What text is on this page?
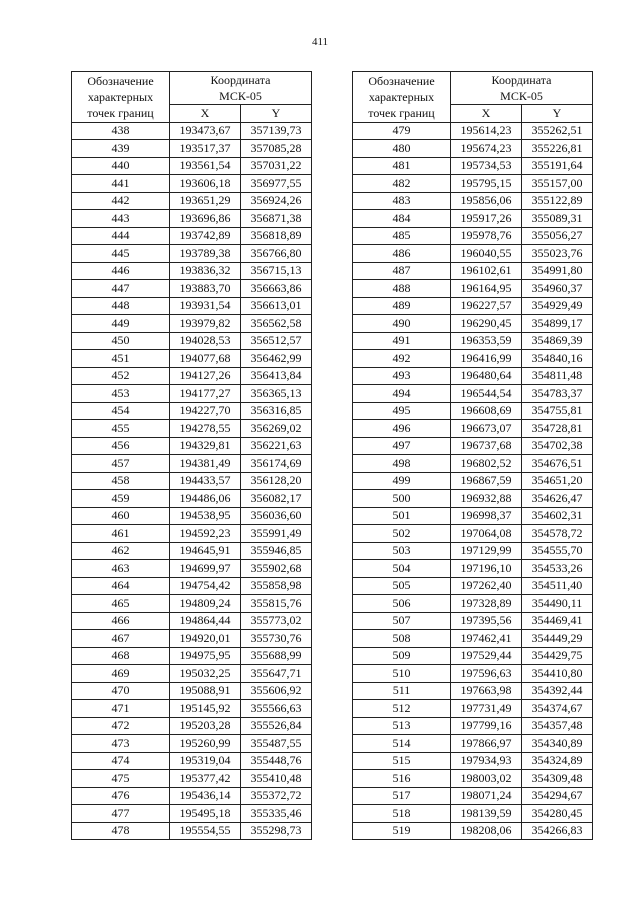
411
Обозначение
характерных
точек границ	Координата
МСК-05	
	X	Y
438	193473,67	357139,73
439	193517,37	357085,28
440	193561,54	357031,22
441	193606,18	356977,55
442	193651,29	356924,26
443	193696,86	356871,38
444	193742,89	356818,89
445	193789,38	356766,80
446	193836,32	356715,13
447	193883,70	356663,86
448	193931,54	356613,01
449	193979,82	356562,58
450	194028,53	356512,57
451	194077,68	356462,99
452	194127,26	356413,84
453	194177,27	356365,13
454	194227,70	356316,85
455	194278,55	356269,02
456	194329,81	356221,63
457	194381,49	356174,69
458	194433,57	356128,20
459	194486,06	356082,17
460	194538,95	356036,60
461	194592,23	355991,49
462	194645,91	355946,85
463	194699,97	355902,68
464	194754,42	355858,98
465	194809,24	355815,76
466	194864,44	355773,02
467	194920,01	355730,76
468	194975,95	355688,99
469	195032,25	355647,71
470	195088,91	355606,92
471	195145,92	355566,63
472	195203,28	355526,84
473	195260,99	355487,55
474	195319,04	355448,76
475	195377,42	355410,48
476	195436,14	355372,72
477	195495,18	355335,46
478	195554,55	355298,73
Обозначение
характерных
точек границ	Координата
МСК-05	
	X	Y
479	195614,23	355262,51
480	195674,23	355226,81
481	195734,53	355191,64
482	195795,15	355157,00
483	195856,06	355122,89
484	195917,26	355089,31
485	195978,76	355056,27
486	196040,55	355023,76
487	196102,61	354991,80
488	196164,95	354960,37
489	196227,57	354929,49
490	196290,45	354899,17
491	196353,59	354869,39
492	196416,99	354840,16
493	196480,64	354811,48
494	196544,54	354783,37
495	196608,69	354755,81
496	196673,07	354728,81
497	196737,68	354702,38
498	196802,52	354676,51
499	196867,59	354651,20
500	196932,88	354626,47
501	196998,37	354602,31
502	197064,08	354578,72
503	197129,99	354555,70
504	197196,10	354533,26
505	197262,40	354511,40
506	197328,89	354490,11
507	197395,56	354469,41
508	197462,41	354449,29
509	197529,44	354429,75
510	197596,63	354410,80
511	197663,98	354392,44
512	197731,49	354374,67
513	197799,16	354357,48
514	197866,97	354340,89
515	197934,93	354324,89
516	198003,02	354309,48
517	198071,24	354294,67
518	198139,59	354280,45
519	198208,06	354266,83
